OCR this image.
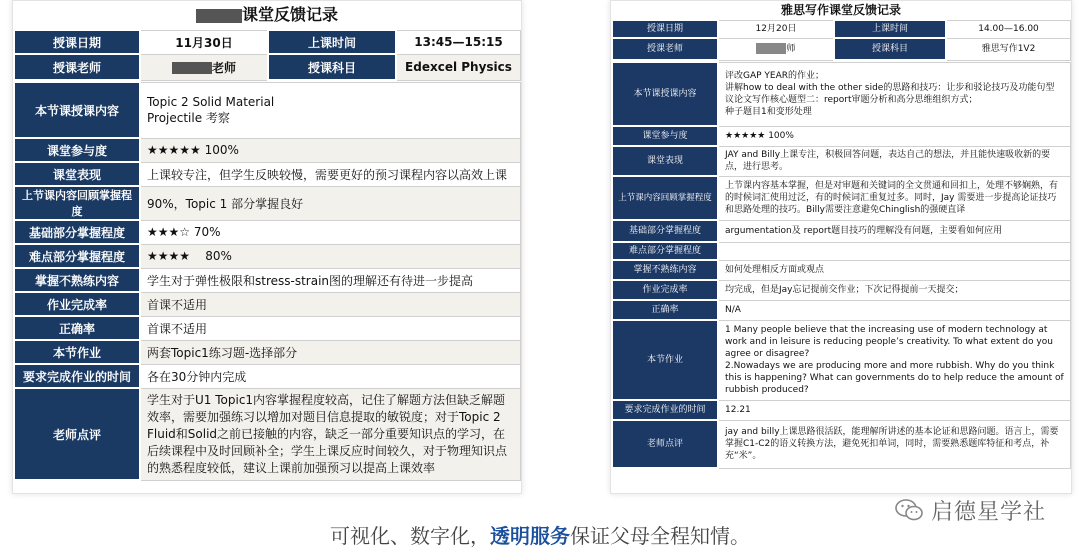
课堂反馈记录
授课日期	11月30日	上课时间	13:45—15:15
授课老师	老师	授课科目	Edexcel Physics
本节课授课内容	Topic 2 Solid Material
Projectile 考察
课堂参与度	★★★★★ 100%
课堂表现	上课较专注，但学生反映较慢，需要更好的预习课程内容以高效上课
上节课内容回顾掌握程度	90%，Topic 1 部分掌握良好
基础部分掌握程度	★★★☆ 70%
难点部分掌握程度	★★★★    80%
掌握不熟练内容	学生对于弹性极限和stress-strain图的理解还有待进一步提高
作业完成率	首课不适用
正确率	首课不适用
本节作业	两套Topic1练习题-选择部分
要求完成作业的时间	各在30分钟内完成
老师点评	学生对于U1 Topic1内容掌握程度较高，记住了解题方法但缺乏解题效率，需要加强练习以增加对题目信息提取的敏锐度；对于Topic 2 Fluid和Solid之前已接触的内容，缺乏一部分重要知识点的学习，在后续课程中及时回顾补全；学生上课反应时间较久，对于物理知识点的熟悉程度较低，建议上课前加强预习以提高上课效率
雅思写作课堂反馈记录
授课日期	12月20日	上课时间	14.00—16.00
授课老师	师	授课科目	雅思写作1V2
本节课授课内容	评改GAP YEAR的作业；
讲解how to deal with the other side的思路和技巧：让步和驳论技巧及功能句型
议论文写作核心题型二：report审题分析和高分思维组织方式；
种子题目1和变形处理
课堂参与度	★★★★★ 100%
课堂表现	JAY and Billy上课专注，积极回答问题，表达自己的想法，并且能快速吸收新的要点，进行思考。
上节课内容回顾掌握程度	上节课内容基本掌握，但是对审题和关键词的全文贯通和回扣上，处理不够娴熟，有的时候词汇使用过泛，有的时候词汇重复过多。同时，Jay 需要进一步提高论证技巧和思路处理的技巧。Billy需要注意避免Chinglish的强硬直译
基础部分掌握程度	argumentation及 report题目技巧的理解没有问题，主要看如何应用
难点部分掌握程度	
掌握不熟练内容	如何处理相反方面或观点
作业完成率	均完成，但是Jay忘记提前交作业；下次记得提前一天提交；
正确率	N/A
本节作业	1 Many people believe that the increasing use of modern technology at work and in leisure is reducing people’s creativity. To what extent do you agree or disagree?
2.Nowadays we are producing more and more rubbish. Why do you think this is happening? What can governments do to help reduce the amount of rubbish produced?
要求完成作业的时间	12.21
老师点评	jay and billy上课思路很活跃，能理解所讲述的基本论证和思路问题。语言上，需要掌握C1-C2的语义转换方法，避免死扣单词，同时，需要熟悉题库特征和考点，补充“米”。
启德星学社
可视化、数字化，透明服务保证父母全程知情。
